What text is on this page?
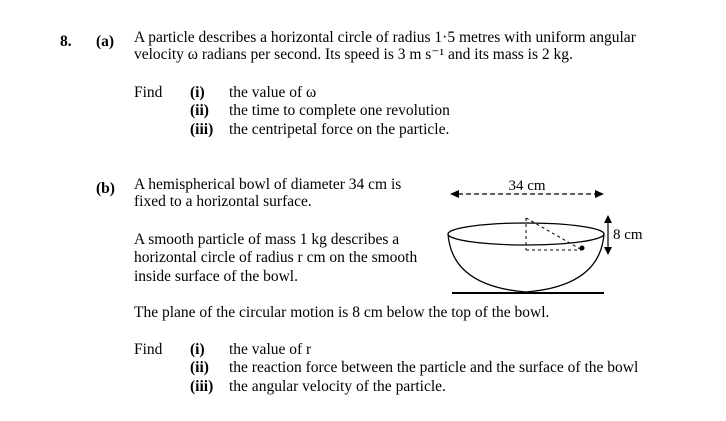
8. (a) A particle describes a horizontal circle of radius 1·5 metres with uniform angular
velocity ω radians per second. Its speed is 3 m s⁻¹ and its mass is 2 kg.
Find (i) the value of ω
(ii) the time to complete one revolution
(iii) the centripetal force on the particle.
(b) A hemispherical bowl of diameter 34 cm is
fixed to a horizontal surface.
A smooth particle of mass 1 kg describes a
horizontal circle of radius r cm on the smooth
inside surface of the bowl.
The plane of the circular motion is 8 cm below the top of the bowl.
Find (i) the value of r
(ii) the reaction force between the particle and the surface of the bowl
(iii) the angular velocity of the particle.
34 cm
8 cm
